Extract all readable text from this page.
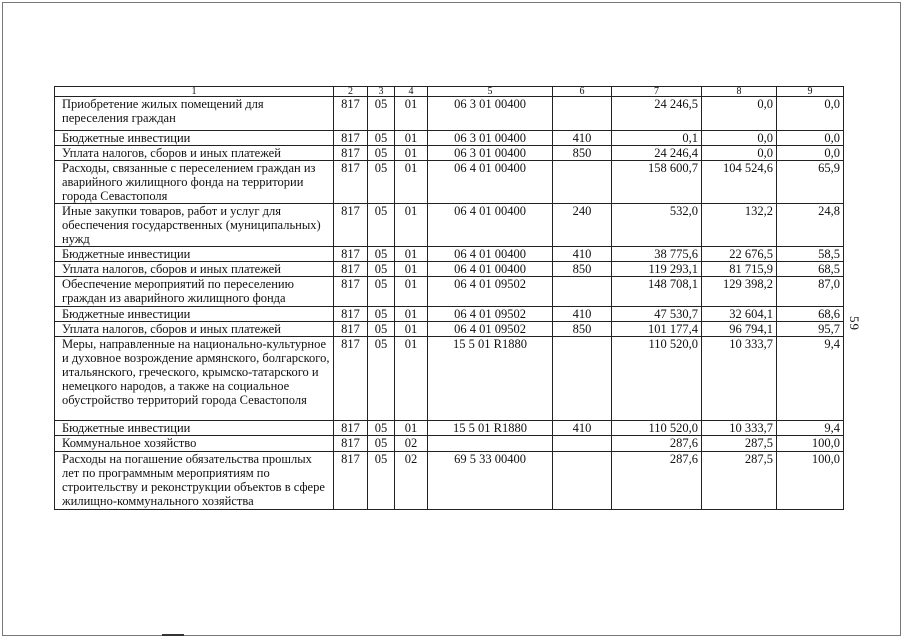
59
1	2	3	4	5	6	7	8	9
Приобретение жилых помещений для переселения граждан	817	05	01	06 3 01 00400		24 246,5	0,0	0,0
Бюджетные инвестиции	817	05	01	06 3 01 00400	410	0,1	0,0	0,0
Уплата налогов, сборов и иных платежей	817	05	01	06 3 01 00400	850	24 246,4	0,0	0,0
Расходы, связанные с переселением граждан из аварийного жилищного фонда на территории города Севастополя	817	05	01	06 4 01 00400		158 600,7	104 524,6	65,9
Иные закупки товаров, работ и услуг для обеспечения государственных (муниципальных) нужд	817	05	01	06 4 01 00400	240	532,0	132,2	24,8
Бюджетные инвестиции	817	05	01	06 4 01 00400	410	38 775,6	22 676,5	58,5
Уплата налогов, сборов и иных платежей	817	05	01	06 4 01 00400	850	119 293,1	81 715,9	68,5
Обеспечение мероприятий по переселению граждан из аварийного жилищного фонда	817	05	01	06 4 01 09502		148 708,1	129 398,2	87,0
Бюджетные инвестиции	817	05	01	06 4 01 09502	410	47 530,7	32 604,1	68,6
Уплата налогов, сборов и иных платежей	817	05	01	06 4 01 09502	850	101 177,4	96 794,1	95,7
Меры, направленные на национально-культурное и духовное возрождение армянского, болгарского, итальянского, греческого, крымско-татарского и немецкого народов, а также на социальное обустройство территорий города Севастополя	817	05	01	15 5 01 R1880		110 520,0	10 333,7	9,4
Бюджетные инвестиции	817	05	01	15 5 01 R1880	410	110 520,0	10 333,7	9,4
Коммунальное хозяйство	817	05	02			287,6	287,5	100,0
Расходы на погашение обязательства прошлых лет по программным мероприятиям по строительству и реконструкции объектов в сфере жилищно-коммунального хозяйства	817	05	02	69 5 33 00400		287,6	287,5	100,0
